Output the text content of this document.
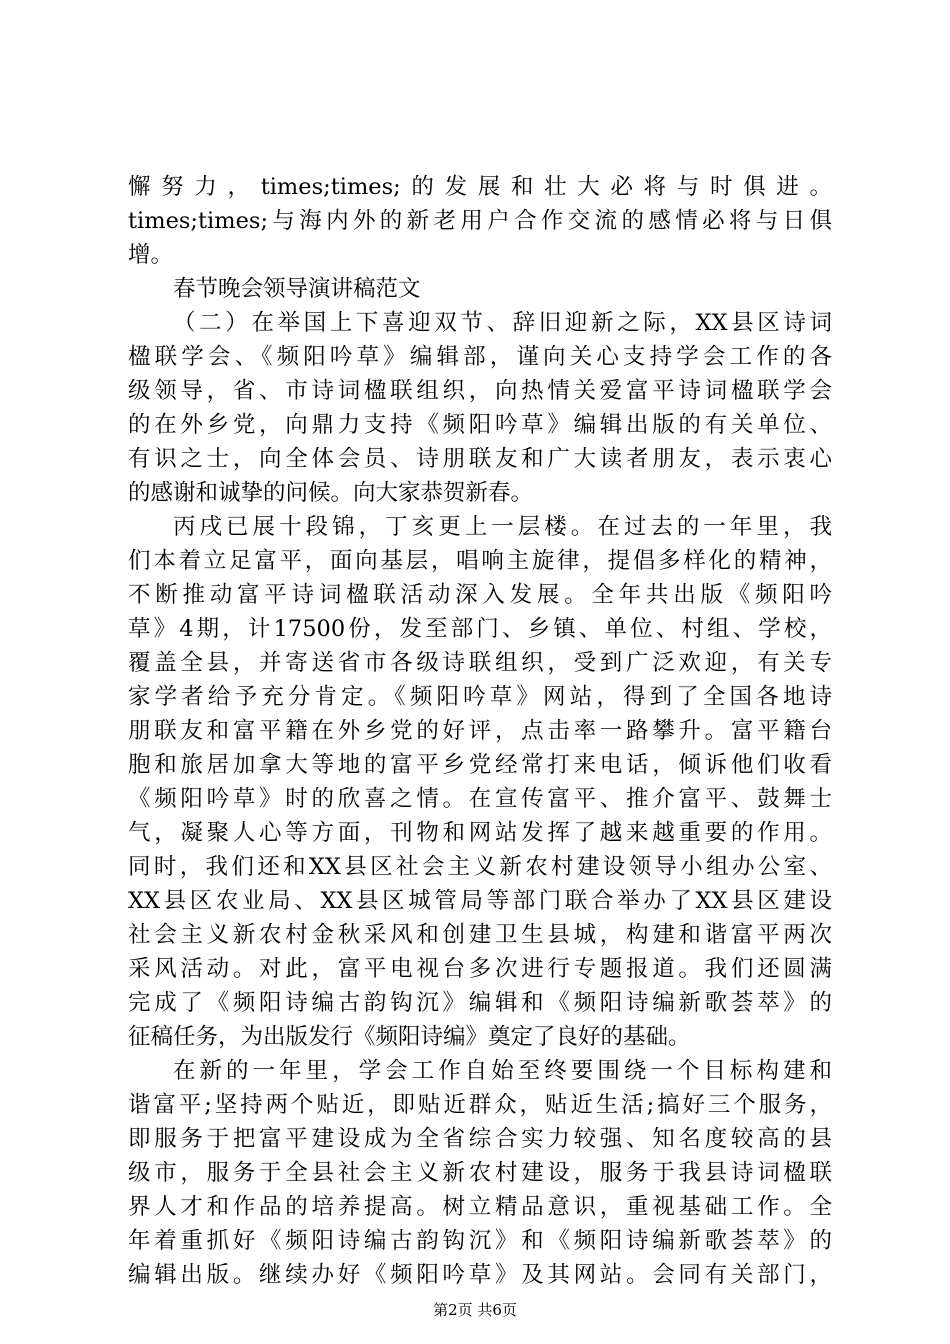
懈努力，times;times;的发展和壮大必将与时俱进。
times;times;与海内外的新老用户合作交流的感情必将与日俱
增。
春节晚会领导演讲稿范文
（二）在举国上下喜迎双节、辞旧迎新之际，XX县区诗词
楹联学会、《频阳吟草》编辑部，谨向关心支持学会工作的各
级领导，省、市诗词楹联组织，向热情关爱富平诗词楹联学会
的在外乡党，向鼎力支持《频阳吟草》编辑出版的有关单位、
有识之士，向全体会员、诗朋联友和广大读者朋友，表示衷心
的感谢和诚挚的问候。向大家恭贺新春。
丙戌已展十段锦，丁亥更上一层楼。在过去的一年里，我
们本着立足富平，面向基层，唱响主旋律，提倡多样化的精神，
不断推动富平诗词楹联活动深入发展。全年共出版《频阳吟
草》4期，计17500份，发至部门、乡镇、单位、村组、学校，
覆盖全县，并寄送省市各级诗联组织，受到广泛欢迎，有关专
家学者给予充分肯定。《频阳吟草》网站，得到了全国各地诗
朋联友和富平籍在外乡党的好评，点击率一路攀升。富平籍台
胞和旅居加拿大等地的富平乡党经常打来电话，倾诉他们收看
《频阳吟草》时的欣喜之情。在宣传富平、推介富平、鼓舞士
气，凝聚人心等方面，刊物和网站发挥了越来越重要的作用。
同时，我们还和XX县区社会主义新农村建设领导小组办公室、
XX县区农业局、XX县区城管局等部门联合举办了XX县区建设
社会主义新农村金秋采风和创建卫生县城，构建和谐富平两次
采风活动。对此，富平电视台多次进行专题报道。我们还圆满
完成了《频阳诗编古韵钩沉》编辑和《频阳诗编新歌荟萃》的
征稿任务，为出版发行《频阳诗编》奠定了良好的基础。
在新的一年里，学会工作自始至终要围绕一个目标构建和
谐富平;坚持两个贴近，即贴近群众，贴近生活;搞好三个服务，
即服务于把富平建设成为全省综合实力较强、知名度较高的县
级市，服务于全县社会主义新农村建设，服务于我县诗词楹联
界人才和作品的培养提高。树立精品意识，重视基础工作。全
年着重抓好《频阳诗编古韵钩沉》和《频阳诗编新歌荟萃》的
编辑出版。继续办好《频阳吟草》及其网站。会同有关部门，
第2页 共6页
